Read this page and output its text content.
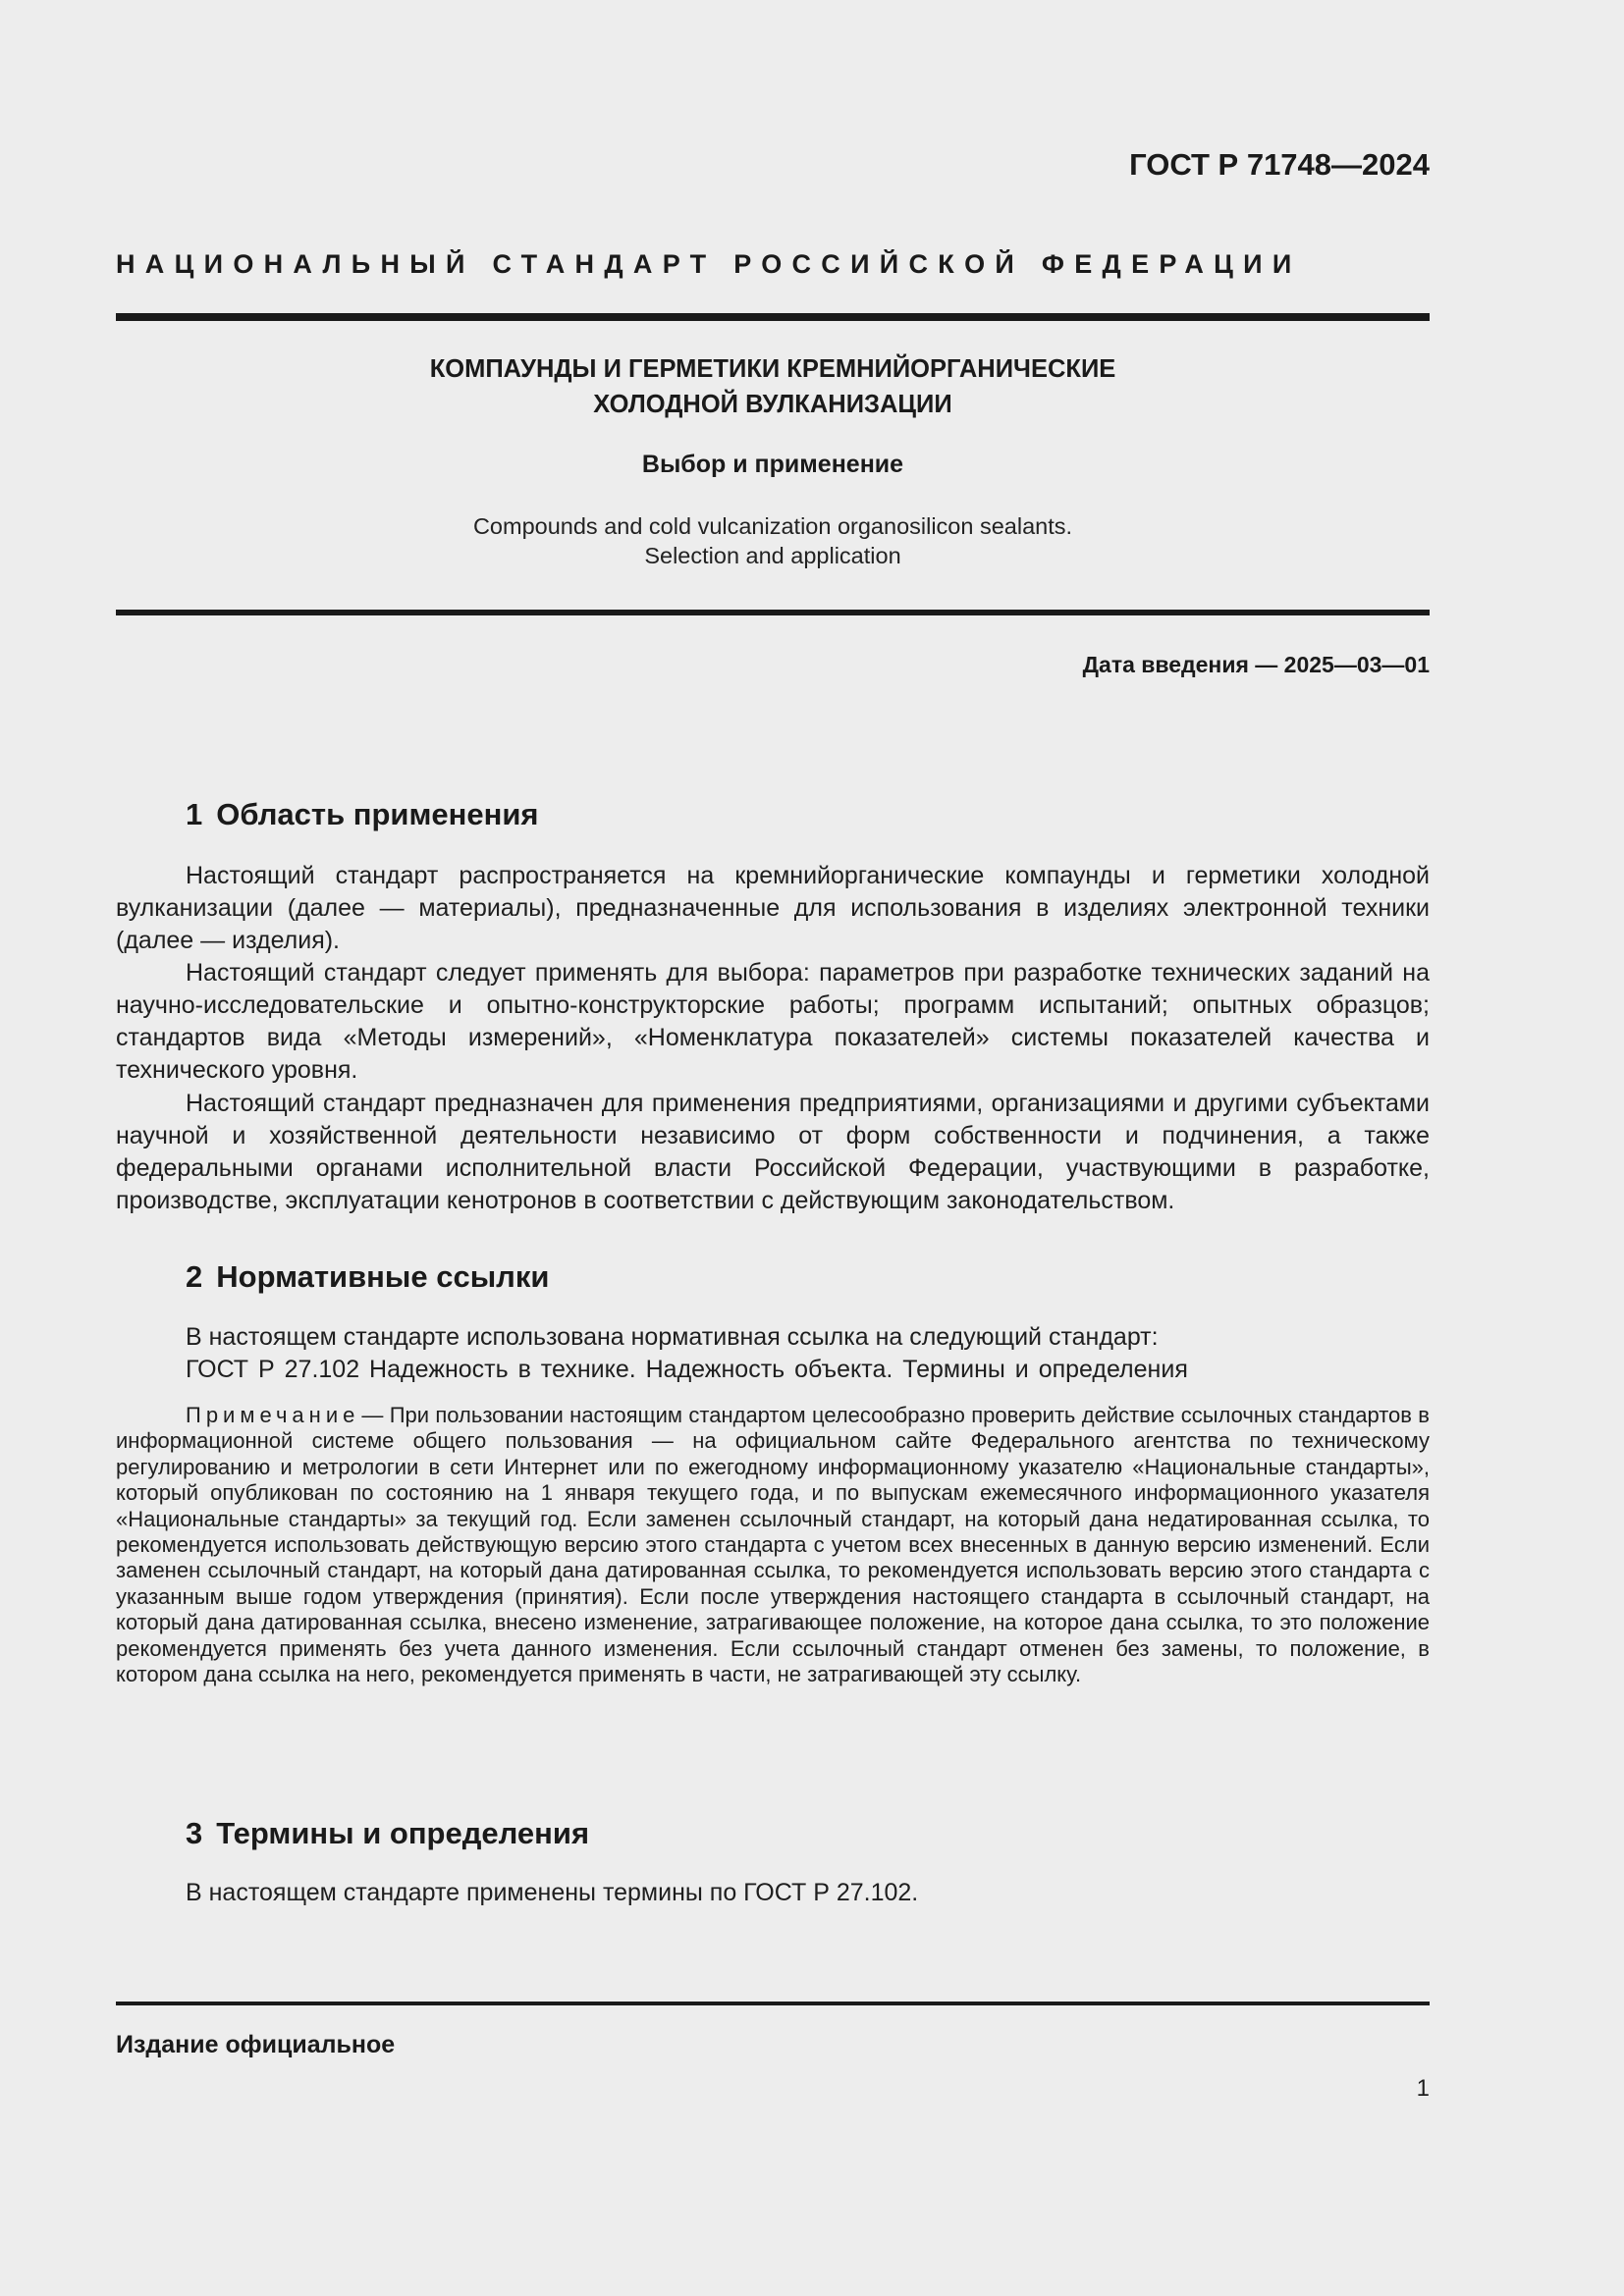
ГОСТ Р 71748—2024
НАЦИОНАЛЬНЫЙ СТАНДАРТ РОССИЙСКОЙ ФЕДЕРАЦИИ
КОМПАУНДЫ И ГЕРМЕТИКИ КРЕМНИЙОРГАНИЧЕСКИЕ
ХОЛОДНОЙ ВУЛКАНИЗАЦИИ
Выбор и применение
Compounds and cold vulcanization organosilicon sealants.
Selection and application
Дата введения — 2025—03—01
1 Область применения
Настоящий стандарт распространяется на кремнийорганические компаунды и герметики холодной вулканизации (далее — материалы), предназначенные для использования в изделиях электронной техники (далее — изделия).
Настоящий стандарт следует применять для выбора: параметров при разработке технических заданий на научно-исследовательские и опытно-конструкторские работы; программ испытаний; опытных образцов; стандартов вида «Методы измерений», «Номенклатура показателей» системы показателей качества и технического уровня.
Настоящий стандарт предназначен для применения предприятиями, организациями и другими субъектами научной и хозяйственной деятельности независимо от форм собственности и подчинения, а также федеральными органами исполнительной власти Российской Федерации, участвующими в разработке, производстве, эксплуатации кенотронов в соответствии с действующим законодательством.
2 Нормативные ссылки
В настоящем стандарте использована нормативная ссылка на следующий стандарт:
ГОСТ Р 27.102 Надежность в технике. Надежность объекта. Термины и определения
Примечание— При пользовании настоящим стандартом целесообразно проверить действие ссылочных стандартов в информационной системе общего пользования — на официальном сайте Федерального агентства по техническому регулированию и метрологии в сети Интернет или по ежегодному информационному указателю «Национальные стандарты», который опубликован по состоянию на 1 января текущего года, и по выпускам ежемесячного информационного указателя «Национальные стандарты» за текущий год. Если заменен ссылочный стандарт, на который дана недатированная ссылка, то рекомендуется использовать действующую версию этого стандарта с учетом всех внесенных в данную версию изменений. Если заменен ссылочный стандарт, на который дана датированная ссылка, то рекомендуется использовать версию этого стандарта с указанным выше годом утверждения (принятия). Если после утверждения настоящего стандарта в ссылочный стандарт, на который дана датированная ссылка, внесено изменение, затрагивающее положение, на которое дана ссылка, то это положение рекомендуется применять без учета данного изменения. Если ссылочный стандарт отменен без замены, то положение, в котором дана ссылка на него, рекомендуется применять в части, не затрагивающей эту ссылку.
3 Термины и определения
В настоящем стандарте применены термины по ГОСТ Р 27.102.
Издание официальное
1
